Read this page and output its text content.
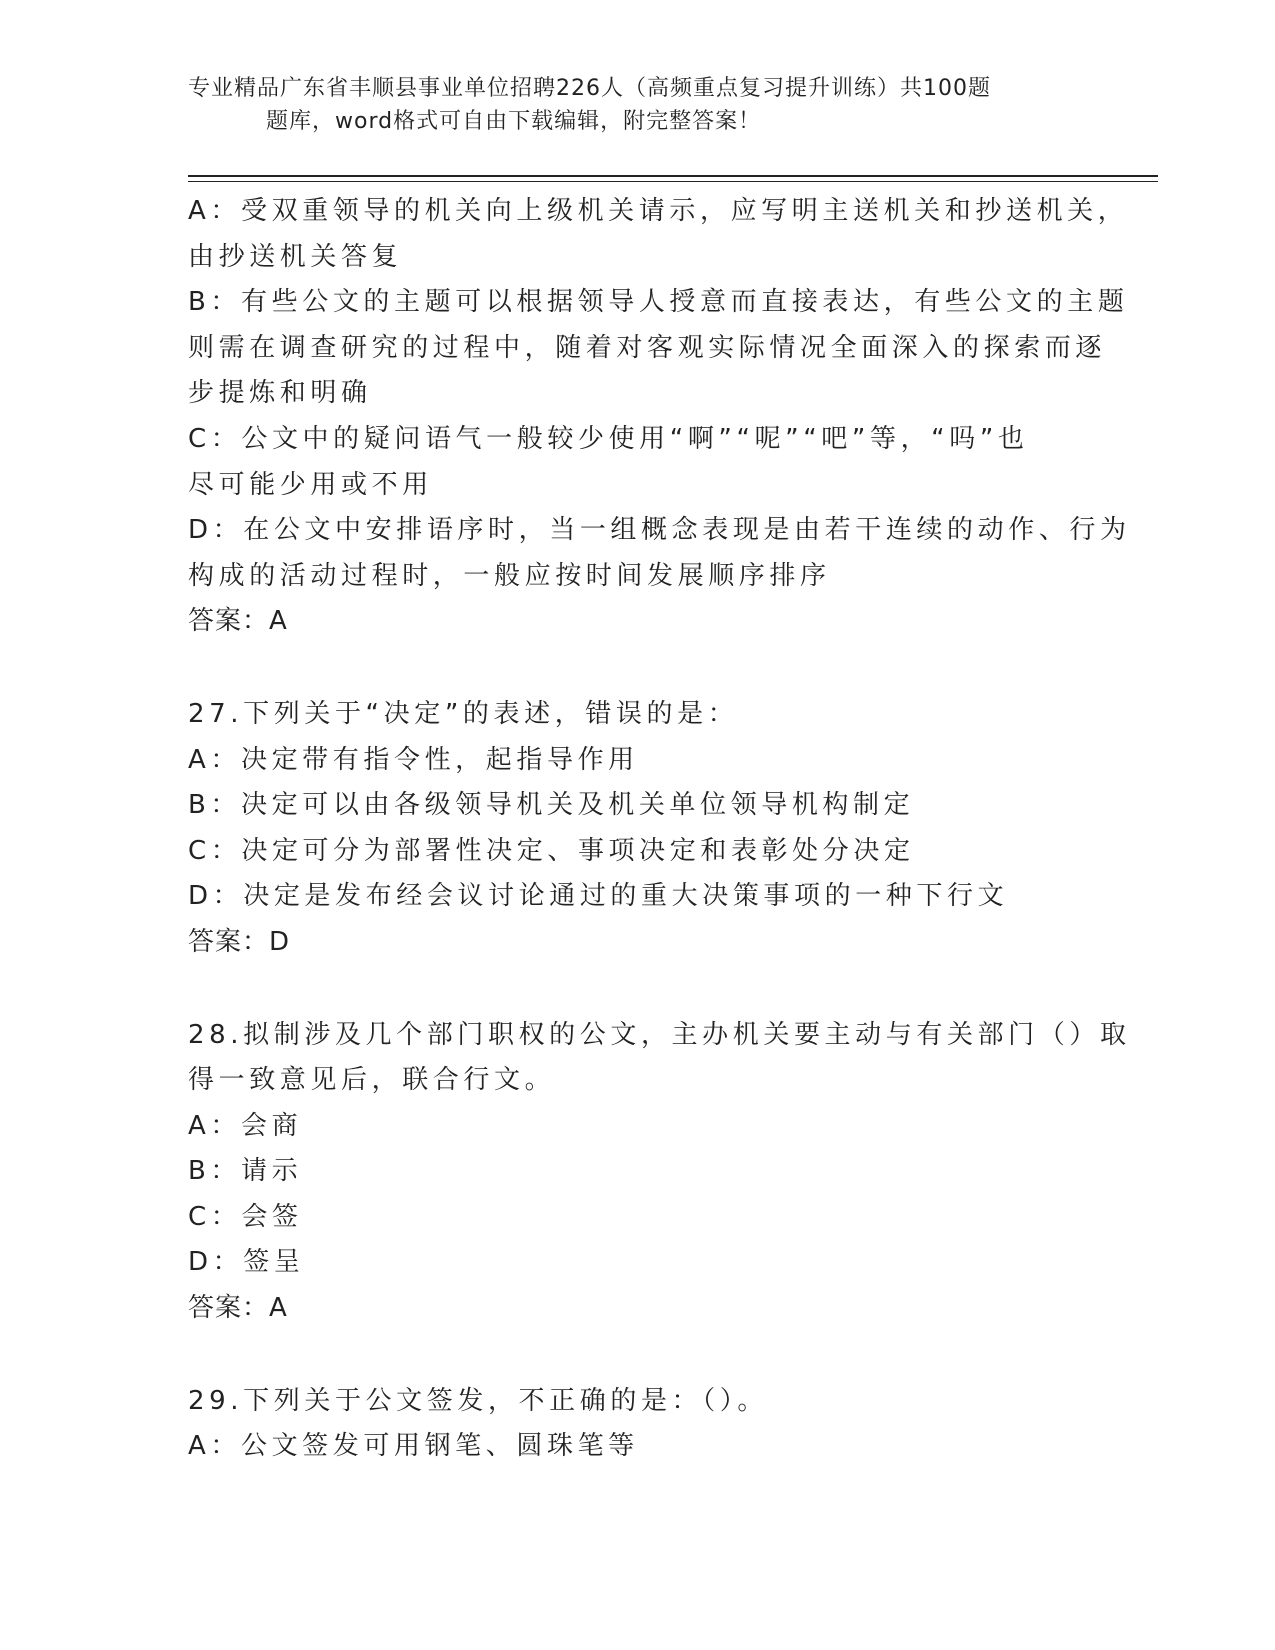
专业精品广东省丰顺县事业单位招聘226人（高频重点复习提升训练）共100题
题库，word格式可自由下载编辑，附完整答案！
A：受双重领导的机关向上级机关请示，应写明主送机关和抄送机关，
由抄送机关答复
B：有些公文的主题可以根据领导人授意而直接表达，有些公文的主题
则需在调查研究的过程中，随着对客观实际情况全面深入的探索而逐
步提炼和明确
C：公文中的疑问语气一般较少使用“啊”“呢”“吧”等，“吗”也
尽可能少用或不用
D：在公文中安排语序时，当一组概念表现是由若干连续的动作、行为
构成的活动过程时，一般应按时间发展顺序排序
答案：A
27.下列关于“决定”的表述，错误的是：
A：决定带有指令性，起指导作用
B：决定可以由各级领导机关及机关单位领导机构制定
C：决定可分为部署性决定、事项决定和表彰处分决定
D：决定是发布经会议讨论通过的重大决策事项的一种下行文
答案：D
28.拟制涉及几个部门职权的公文，主办机关要主动与有关部门（）取
得一致意见后，联合行文。
A：会商
B：请示
C：会签
D：签呈
答案：A
29.下列关于公文签发，不正确的是：（）。
A：公文签发可用钢笔、圆珠笔等
